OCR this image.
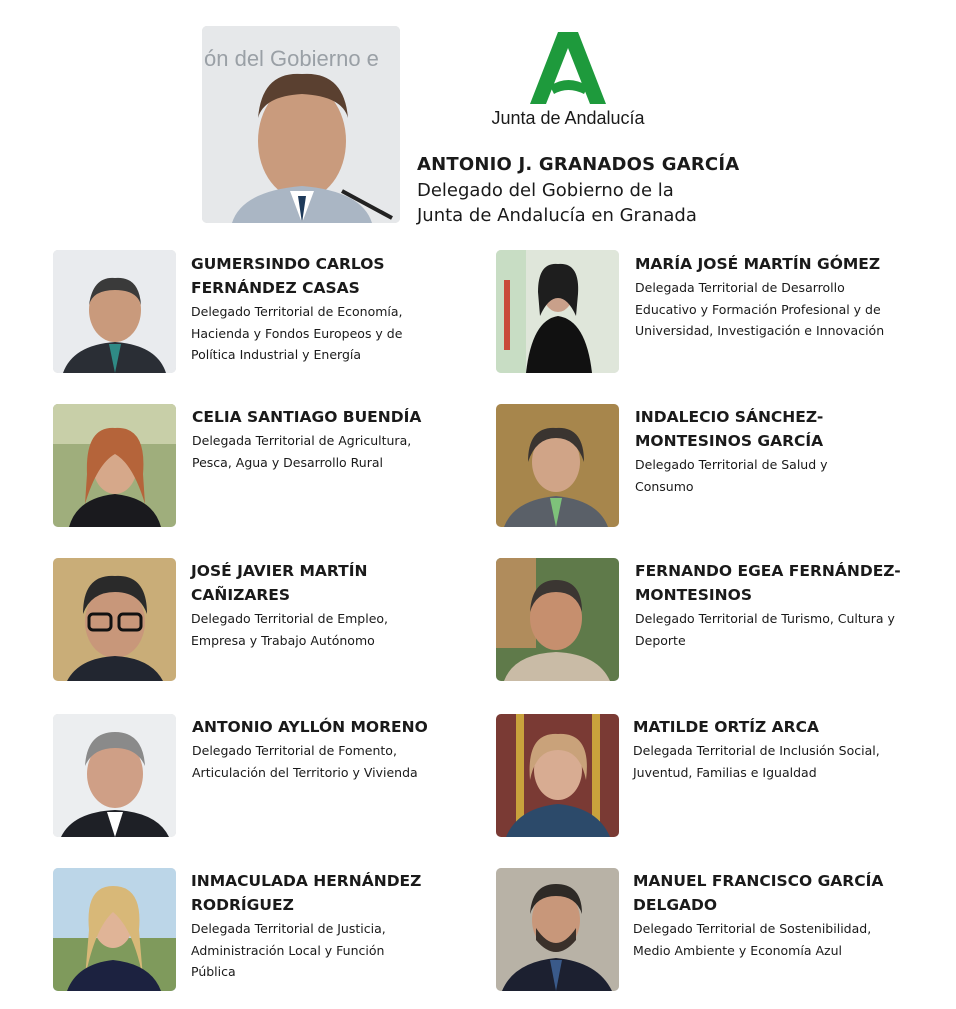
ón del Gobierno e
Junta de Andalucía
ANTONIO J. GRANADOS GARCÍA
Delegado del Gobierno de la
Junta de Andalucía en Granada
GUMERSINDO CARLOS FERNÁNDEZ CASAS
Delegado Territorial de Economía, Hacienda y Fondos Europeos y de Política Industrial y Energía
MARÍA JOSÉ MARTÍN GÓMEZ
Delegada Territorial de Desarrollo Educativo y Formación Profesional y de Universidad, Investigación e Innovación
CELIA SANTIAGO BUENDÍA
Delegada Territorial de Agricultura, Pesca, Agua y Desarrollo Rural
INDALECIO SÁNCHEZ-MONTESINOS GARCÍA
Delegado Territorial de Salud y Consumo
JOSÉ JAVIER MARTÍN CAÑIZARES
Delegado Territorial de Empleo, Empresa y Trabajo Autónomo
FERNANDO EGEA FERNÁNDEZ-MONTESINOS
Delegado Territorial de Turismo, Cultura y Deporte
ANTONIO AYLLÓN MORENO
Delegado Territorial de Fomento, Articulación del Territorio y Vivienda
MATILDE ORTÍZ ARCA
Delegada Territorial de Inclusión Social, Juventud, Familias e Igualdad
INMACULADA HERNÁNDEZ RODRÍGUEZ
Delegada Territorial de Justicia, Administración Local y Función Pública
MANUEL FRANCISCO GARCÍA DELGADO
Delegado Territorial de Sostenibilidad, Medio Ambiente y Economía Azul
